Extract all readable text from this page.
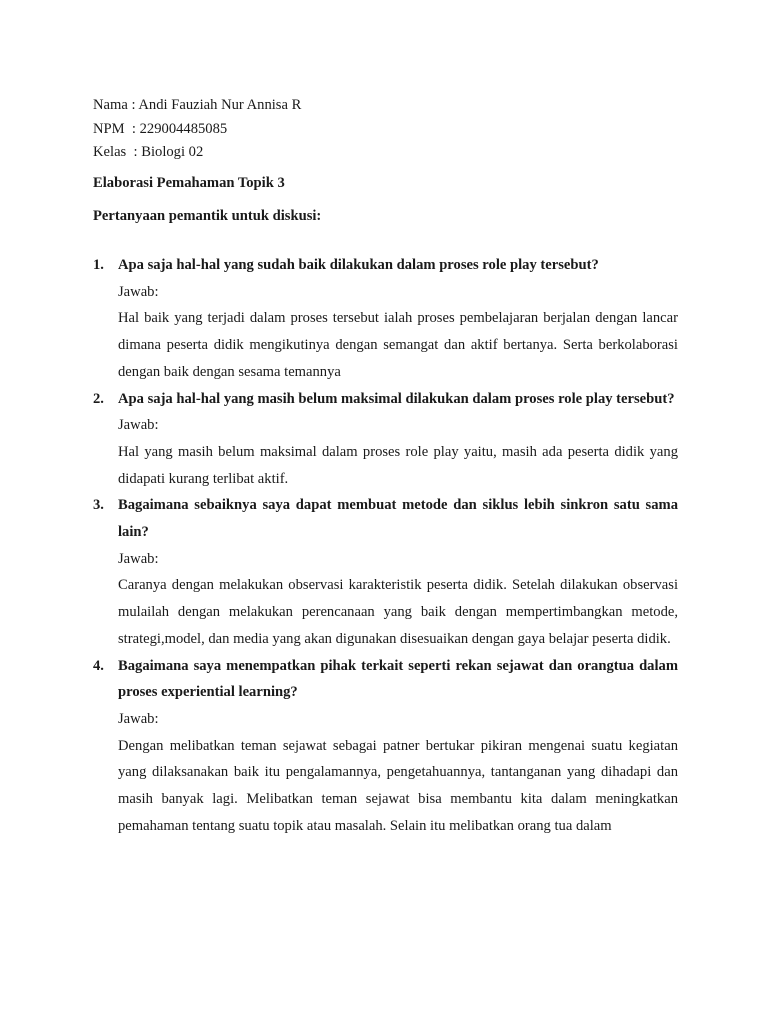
Nama : Andi Fauziah Nur Annisa R
NPM  : 229004485085
Kelas  : Biologi 02
Elaborasi Pemahaman Topik 3
Pertanyaan pemantik untuk diskusi:
1. Apa saja hal-hal yang sudah baik dilakukan dalam proses role play tersebut?
Jawab:
Hal baik yang terjadi dalam proses tersebut ialah proses pembelajaran berjalan dengan lancar dimana peserta didik mengikutinya dengan semangat dan aktif bertanya. Serta berkolaborasi dengan baik dengan sesama temannya
2. Apa saja hal-hal yang masih belum maksimal dilakukan dalam proses role play tersebut?
Jawab:
Hal yang masih belum maksimal dalam proses role play yaitu, masih ada peserta didik yang didapati kurang terlibat aktif.
3. Bagaimana sebaiknya saya dapat membuat metode dan siklus lebih sinkron satu sama lain?
Jawab:
Caranya dengan melakukan observasi karakteristik peserta didik. Setelah dilakukan observasi mulailah dengan melakukan perencanaan yang baik dengan mempertimbangkan metode, strategi,model, dan media yang akan digunakan disesuaikan dengan gaya belajar peserta didik.
4. Bagaimana saya menempatkan pihak terkait seperti rekan sejawat dan orangtua dalam proses experiential learning?
Jawab:
Dengan melibatkan teman sejawat sebagai patner bertukar pikiran mengenai suatu kegiatan yang dilaksanakan baik itu pengalamannya, pengetahuannya, tantanganan yang dihadapi dan masih banyak lagi. Melibatkan teman sejawat bisa membantu kita dalam meningkatkan pemahaman tentang suatu topik atau masalah. Selain itu melibatkan orang tua dalam
